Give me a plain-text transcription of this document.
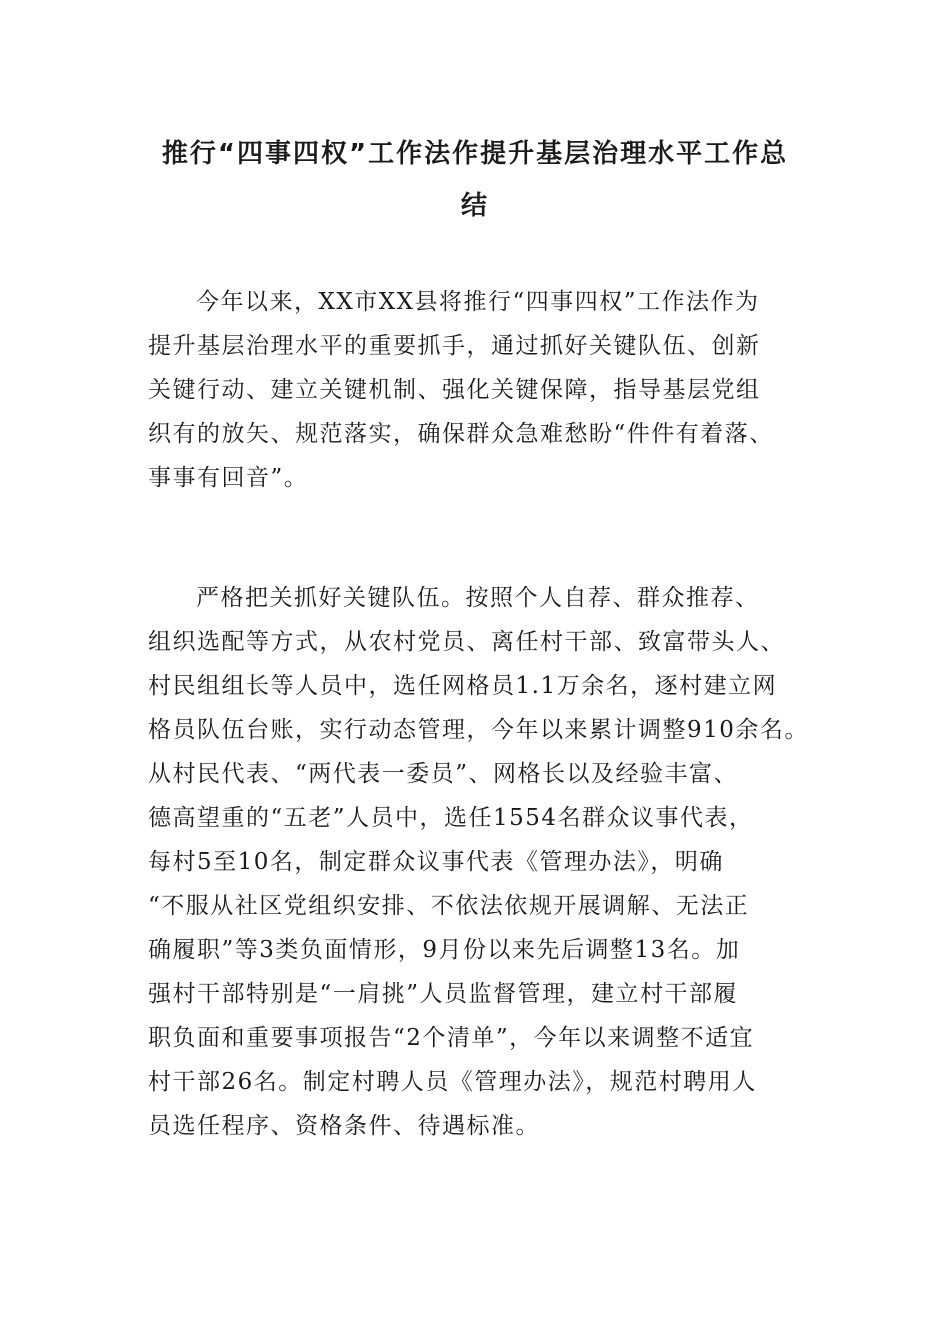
推行“四事四权”工作法作提升基层治理水平工作总
结
今年以来，XX市XX县将推行“四事四权”工作法作为
提升基层治理水平的重要抓手，通过抓好关键队伍、创新
关键行动、建立关键机制、强化关键保障，指导基层党组
织有的放矢、规范落实，确保群众急难愁盼“件件有着落、
事事有回音”。
严格把关抓好关键队伍。按照个人自荐、群众推荐、
组织选配等方式，从农村党员、离任村干部、致富带头人、
村民组组长等人员中，选任网格员1.1万余名，逐村建立网
格员队伍台账，实行动态管理，今年以来累计调整910余名。
从村民代表、“两代表一委员”、网格长以及经验丰富、
德高望重的“五老”人员中，选任1554名群众议事代表，
每村5至10名，制定群众议事代表《管理办法》，明确
“不服从社区党组织安排、不依法依规开展调解、无法正
确履职”等3类负面情形，9月份以来先后调整13名。加
强村干部特别是“一肩挑”人员监督管理，建立村干部履
职负面和重要事项报告“2个清单”，今年以来调整不适宜
村干部26名。制定村聘人员《管理办法》，规范村聘用人
员选任程序、资格条件、待遇标准。
